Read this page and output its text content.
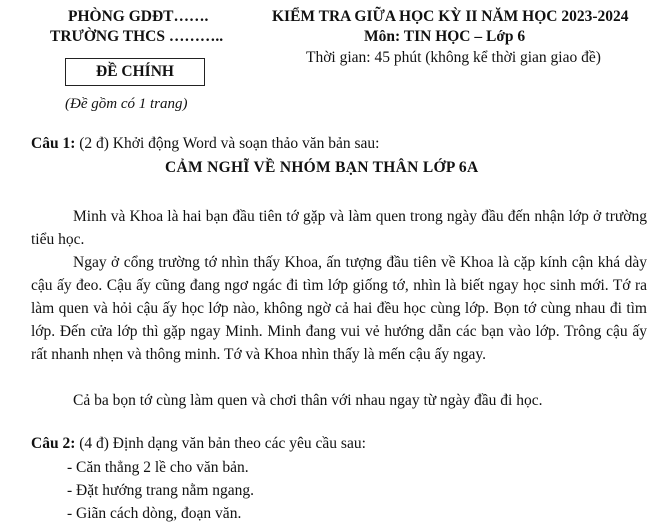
PHÒNG GDĐT…….
TRƯỜNG THCS ………..
KIỂM TRA GIỮA HỌC KỲ II NĂM HỌC 2023-2024
Môn: TIN HỌC – Lớp 6
Thời gian: 45 phút (không kể thời gian giao đề)
ĐỀ CHÍNH
(Đề gồm có 1 trang)
Câu 1: (2 đ) Khởi động Word và soạn thảo văn bản sau:
CẢM NGHĨ VỀ NHÓM BẠN THÂN LỚP 6A
Minh và Khoa là hai bạn đầu tiên tớ gặp và làm quen trong ngày đầu đến nhận lớp ở trường tiểu học.
Ngay ở cổng trường tớ nhìn thấy Khoa, ấn tượng đầu tiên về Khoa là cặp kính cận khá dày cậu ấy đeo. Cậu ấy cũng đang ngơ ngác đi tìm lớp giống tớ, nhìn là biết ngay học sinh mới. Tớ ra làm quen và hỏi cậu ấy học lớp nào, không ngờ cả hai đều học cùng lớp. Bọn tớ cùng nhau đi tìm lớp. Đến cửa lớp thì gặp ngay Minh. Minh đang vui vẻ hướng dẫn các bạn vào lớp. Trông cậu ấy rất nhanh nhẹn và thông minh. Tớ và Khoa nhìn thấy là mến cậu ấy ngay.
Cả ba bọn tớ cùng làm quen và chơi thân với nhau ngay từ ngày đầu đi học.
Câu 2: (4 đ) Định dạng văn bản theo các yêu cầu sau:
- Căn thẳng 2 lề cho văn bản.
- Đặt hướng trang nằm ngang.
- Giãn cách dòng, đoạn văn.
